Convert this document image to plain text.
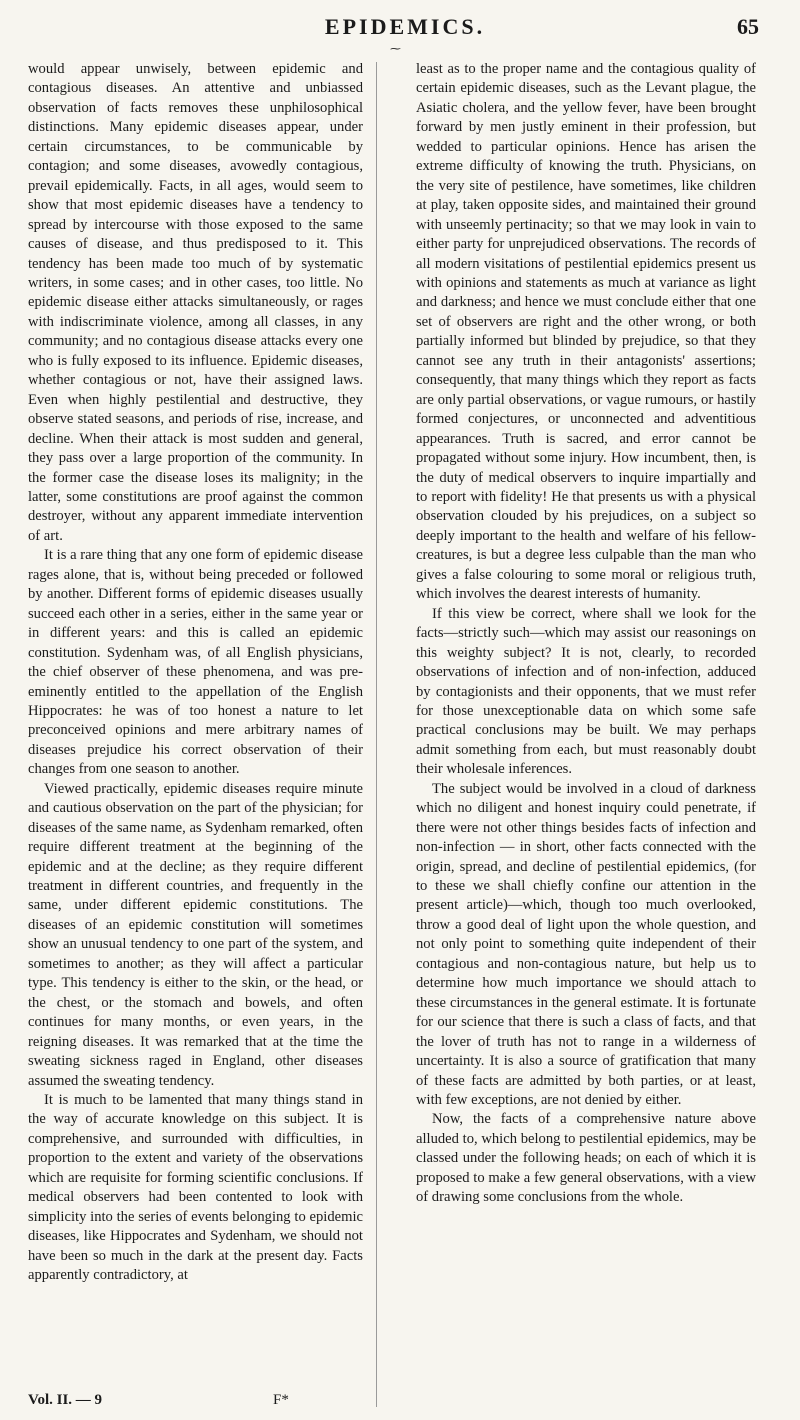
EPIDEMICS.	65
⁓

would appear unwisely, between epidemic and contagious diseases. An attentive and unbiassed observation of facts removes these unphilosophical distinctions. Many epidemic diseases appear, under certain circumstances, to be communicable by contagion; and some diseases, avowedly contagious, prevail epidemically. Facts, in all ages, would seem to show that most epidemic diseases have a tendency to spread by intercourse with those exposed to the same causes of disease, and thus predisposed to it. This tendency has been made too much of by systematic writers, in some cases; and in other cases, too little. No epidemic disease either attacks simultaneously, or rages with indiscriminate violence, among all classes, in any community; and no contagious disease attacks every one who is fully exposed to its influence. Epidemic diseases, whether contagious or not, have their assigned laws. Even when highly pestilential and destructive, they observe stated seasons, and periods of rise, increase, and decline. When their attack is most sudden and general, they pass over a large proportion of the community. In the former case the disease loses its malignity; in the latter, some constitutions are proof against the common destroyer, without any apparent immediate intervention of art.

It is a rare thing that any one form of epidemic disease rages alone, that is, without being preceded or followed by another. Different forms of epidemic diseases usually succeed each other in a series, either in the same year or in different years: and this is called an epidemic constitution. Sydenham was, of all English physicians, the chief observer of these phenomena, and was pre-eminently entitled to the appellation of the English Hippocrates: he was of too honest a nature to let preconceived opinions and mere arbitrary names of diseases prejudice his correct observation of their changes from one season to another.

Viewed practically, epidemic diseases require minute and cautious observation on the part of the physician; for diseases of the same name, as Sydenham remarked, often require different treatment at the beginning of the epidemic and at the decline; as they require different treatment in different countries, and frequently in the same, under different epidemic constitutions. The diseases of an epidemic constitution will sometimes show an unusual tendency to one part of the system, and sometimes to another; as they will affect a particular type. This tendency is either to the skin, or the head, or the chest, or the stomach and bowels, and often continues for many months, or even years, in the reigning diseases. It was remarked that at the time the sweating sickness raged in England, other diseases assumed the sweating tendency.

It is much to be lamented that many things stand in the way of accurate knowledge on this subject. It is comprehensive, and surrounded with difficulties, in proportion to the extent and variety of the observations which are requisite for forming scientific conclusions. If medical observers had been contented to look with simplicity into the series of events belonging to epidemic diseases, like Hippocrates and Sydenham, we should not have been so much in the dark at the present day. Facts apparently contradictory, at

least as to the proper name and the contagious quality of certain epidemic diseases, such as the Levant plague, the Asiatic cholera, and the yellow fever, have been brought forward by men justly eminent in their profession, but wedded to particular opinions. Hence has arisen the extreme difficulty of knowing the truth. Physicians, on the very site of pestilence, have sometimes, like children at play, taken opposite sides, and maintained their ground with unseemly pertinacity; so that we may look in vain to either party for unprejudiced observations. The records of all modern visitations of pestilential epidemics present us with opinions and statements as much at variance as light and darkness; and hence we must conclude either that one set of observers are right and the other wrong, or both partially informed but blinded by prejudice, so that they cannot see any truth in their antagonists' assertions; consequently, that many things which they report as facts are only partial observations, or vague rumours, or hastily formed conjectures, or unconnected and adventitious appearances. Truth is sacred, and error cannot be propagated without some injury. How incumbent, then, is the duty of medical observers to inquire impartially and to report with fidelity! He that presents us with a physical observation clouded by his prejudices, on a subject so deeply important to the health and welfare of his fellow-creatures, is but a degree less culpable than the man who gives a false colouring to some moral or religious truth, which involves the dearest interests of humanity.

If this view be correct, where shall we look for the facts—strictly such—which may assist our reasonings on this weighty subject? It is not, clearly, to recorded observations of infection and of non-infection, adduced by contagionists and their opponents, that we must refer for those unexceptionable data on which some safe practical conclusions may be built. We may perhaps admit something from each, but must reasonably doubt their wholesale inferences.

The subject would be involved in a cloud of darkness which no diligent and honest inquiry could penetrate, if there were not other things besides facts of infection and non-infection — in short, other facts connected with the origin, spread, and decline of pestilential epidemics, (for to these we shall chiefly confine our attention in the present article)—which, though too much overlooked, throw a good deal of light upon the whole question, and not only point to something quite independent of their contagious and non-contagious nature, but help us to determine how much importance we should attach to these circumstances in the general estimate. It is fortunate for our science that there is such a class of facts, and that the lover of truth has not to range in a wilderness of uncertainty. It is also a source of gratification that many of these facts are admitted by both parties, or at least, with few exceptions, are not denied by either.

Now, the facts of a comprehensive nature above alluded to, which belong to pestilential epidemics, may be classed under the following heads; on each of which it is proposed to make a few general observations, with a view of drawing some conclusions from the whole.

Vol. II. — 9	F*
